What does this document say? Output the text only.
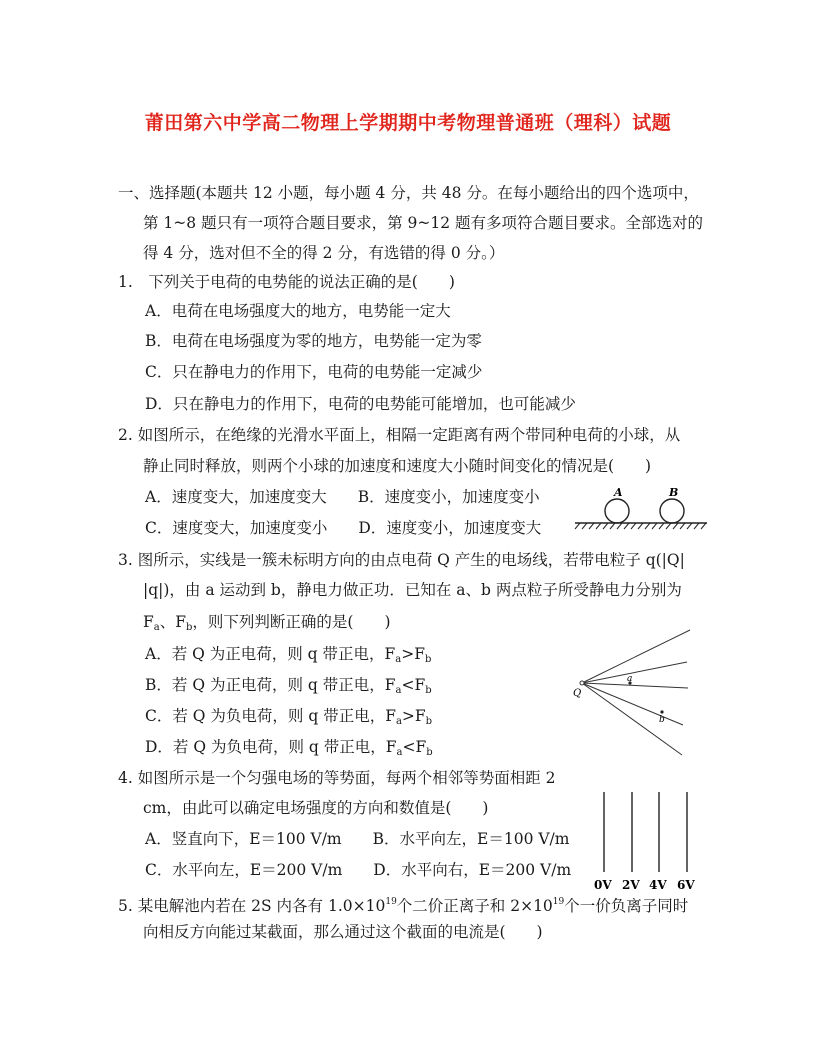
莆田第六中学高二物理上学期期中考物理普通班（理科）试题
一、选择题(本题共 12 小题，每小题 4 分，共 48 分。在每小题给出的四个选项中，
第 1~8 题只有一项符合题目要求，第 9~12 题有多项符合题目要求。全部选对的
得 4 分，选对但不全的得 2 分，有选错的得 0 分。）
1.　下列关于电荷的电势能的说法正确的是(　　)
A．电荷在电场强度大的地方，电势能一定大
B．电荷在电场强度为零的地方，电势能一定为零
C．只在静电力的作用下，电荷的电势能一定减少
D．只在静电力的作用下，电荷的电势能可能增加，也可能减少
2. 如图所示，在绝缘的光滑水平面上，相隔一定距离有两个带同种电荷的小球，从
静止同时释放，则两个小球的加速度和速度大小随时间变化的情况是(　　)
A．速度变大，加速度变大　　B．速度变小，加速度变小
C．速度变大，加速度变小　　D．速度变小，加速度变大
A	B
3. 图所示，实线是一簇未标明方向的由点电荷 Q 产生的电场线，若带电粒子 q(|Q|
|q|)，由 a 运动到 b，静电力做正功．已知在 a、b 两点粒子所受静电力分别为
$F_a$、$F_b$，则下列判断正确的是(　　)
A．若 Q 为正电荷，则 q 带正电，$F_a>F_b$
B．若 Q 为正电荷，则 q 带正电，$F_a<F_b$
C．若 Q 为负电荷，则 q 带正电，$F_a>F_b$
D．若 Q 为负电荷，则 q 带正电，$F_a<F_b$
Q
a
b
4. 如图所示是一个匀强电场的等势面，每两个相邻等势面相距 2
cm，由此可以确定电场强度的方向和数值是(　　)
A．竖直向下，E＝100 V/m　　B．水平向左，E＝100 V/m
C．水平向左，E＝200 V/m　　D．水平向右，E＝200 V/m
0V 2V 4V 6V
5. 某电解池内若在 2S 内各有 $1.0\times 10^{19}$个二价正离子和 $2\times 10^{19}$个一价负离子同时
向相反方向能过某截面，那么通过这个截面的电流是(　　)
